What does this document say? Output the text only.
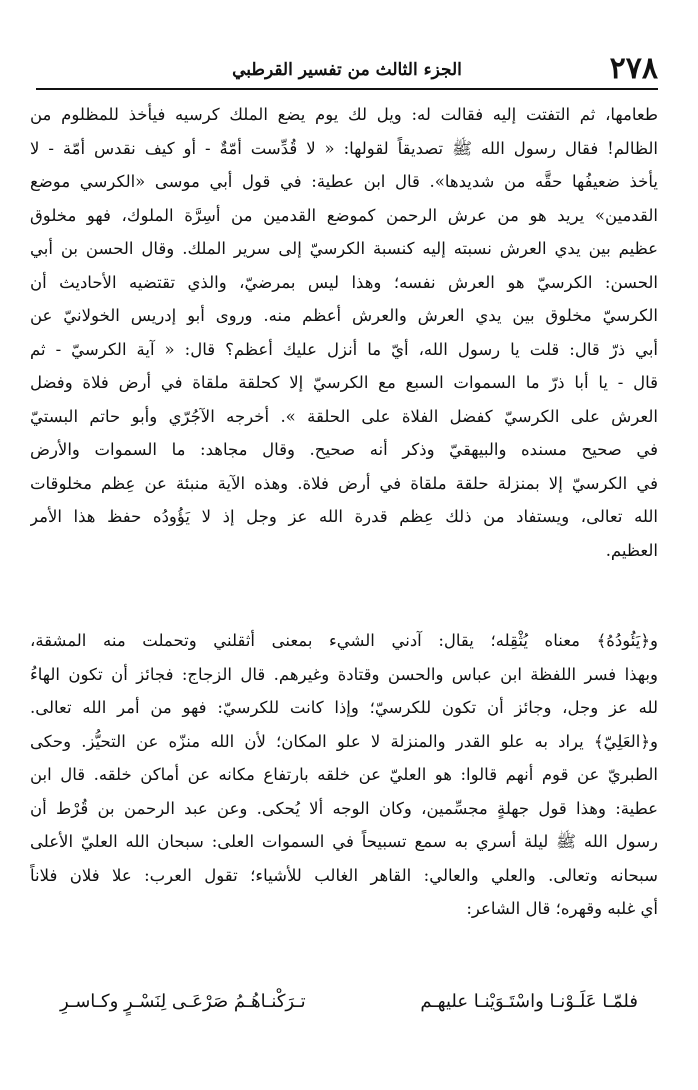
٢٧٨
الجزء الثالث من تفسير القرطبي
طعامها، ثم التفتت إليه فقالت له: ويل لك يوم يضع الملك كرسيه فيأخذ للمظلوم من
الظالم! فقال رسول الله ﷺ تصديقاً لقولها: « لا قُدِّست أمّةٌ - أو كيف نقدس أمّة - لا
يأخذ ضعيفُها حقَّه من شديدها». قال ابن عطية: في قول أبي موسى «الكرسي موضع
القدمين» يريد هو من عرش الرحمن كموضع القدمين من أسِرَّة الملوك، فهو مخلوق
عظيم بين يدي العرش نسبته إليه كنسبة الكرسيّ إلى سرير الملك. وقال الحسن بن أبي
الحسن: الكرسيّ هو العرش نفسه؛ وهذا ليس بمرضيّ، والذي تقتضيه الأحاديث أن
الكرسيّ مخلوق بين يدي العرش والعرش أعظم منه. وروى أبو إدريس الخولانيّ عن
أبي ذرّ قال: قلت يا رسول الله، أيّ ما أنزل عليك أعظم؟ قال: « آية الكرسيّ - ثم
قال - يا أبا ذرّ ما السموات السبع مع الكرسيّ إلا كحلقة ملقاة في أرض فلاة وفضل
العرش على الكرسيّ كفضل الفلاة على الحلقة ». أخرجه الآجُرّي وأبو حاتم البستيّ
في صحيح مسنده والبيهقيّ وذكر أنه صحيح. وقال مجاهد: ما السموات والأرض
في الكرسيّ إلا بمنزلة حلقة ملقاة في أرض فلاة. وهذه الآية منبئة عن عِظم مخلوقات
الله تعالى، ويستفاد من ذلك عِظم قدرة الله عز وجل إذ لا يَؤُودُه حفظ هذا الأمر
العظيم.
و﴿يَئُودُهُ﴾ معناه يُثْقِله؛ يقال: آدني الشيء بمعنى أثقلني وتحملت منه المشقة،
وبهذا فسر اللفظة ابن عباس والحسن وقتادة وغيرهم. قال الزجاج: فجائز أن تكون الهاءُ
لله عز وجل، وجائز أن تكون للكرسيّ؛ وإذا كانت للكرسيّ: فهو من أمر الله تعالى.
و﴿العَلِيّ﴾ يراد به علو القدر والمنزلة لا علو المكان؛ لأن الله منزّه عن التحيُّز. وحكى
الطبريّ عن قوم أنهم قالوا: هو العليّ عن خلقه بارتفاع مكانه عن أماكن خلقه. قال ابن
عطية: وهذا قول جهلةٍ مجسِّمين، وكان الوجه ألا يُحكى. وعن عبد الرحمن بن قُرْط أن
رسول الله ﷺ ليلة أسري به سمع تسبيحاً في السموات العلى: سبحان الله العليّ الأعلى
سبحانه وتعالى. والعلي والعالي: القاهر الغالب للأشياء؛ تقول العرب: علا فلان فلاناً
أي غلبه وقهره؛ قال الشاعر:
فلمّـا عَلَـوْنـا واسْتَـوَيْنـا عليهـم
تـرَكْنـاهُـمُ صَرْعَـى لِنَسْـرٍ وكـاسـرِ
